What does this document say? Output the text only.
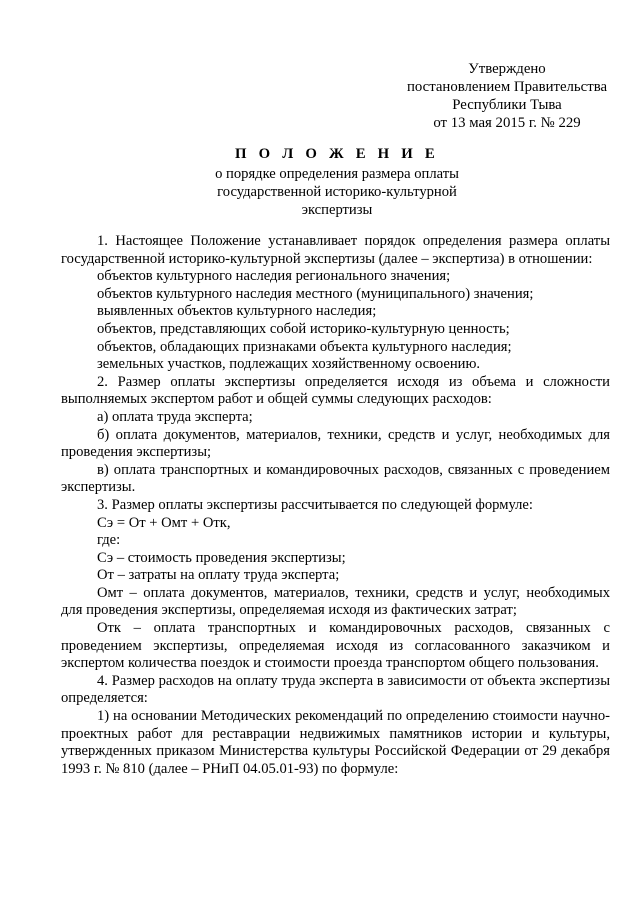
Утверждено
постановлением Правительства
Республики Тыва
от 13 мая 2015 г. № 229
П О Л О Ж Е Н И Е
о порядке определения размера оплаты
государственной историко-культурной
экспертизы

1. Настоящее Положение устанавливает порядок определения размера оплаты государственной историко-культурной экспертизы (далее – экспертиза) в отношении:

объектов культурного наследия регионального значения;

объектов культурного наследия местного (муниципального) значения;

выявленных объектов культурного наследия;

объектов, представляющих собой историко-культурную ценность;

объектов, обладающих признаками объекта культурного наследия;

земельных участков, подлежащих хозяйственному освоению.

2. Размер оплаты экспертизы определяется исходя из объема и сложности выполняемых экспертом работ и общей суммы следующих расходов:

а) оплата труда эксперта;

б) оплата документов, материалов, техники, средств и услуг, необходимых для проведения экспертизы;

в) оплата транспортных и командировочных расходов, связанных с проведением экспертизы.

3. Размер оплаты экспертизы рассчитывается по следующей формуле:

Сэ = От + Омт + Отк,

где:

Сэ – стоимость проведения экспертизы;

От – затраты на оплату труда эксперта;

Омт – оплата документов, материалов, техники, средств и услуг, необходимых для проведения экспертизы, определяемая исходя из фактических затрат;

Отк – оплата транспортных и командировочных расходов, связанных с проведением экспертизы, определяемая исходя из согласованного заказчиком и экспертом количества поездок и стоимости проезда транспортом общего пользования.

4. Размер расходов на оплату труда эксперта в зависимости от объекта экспертизы определяется:

1) на основании Методических рекомендаций по определению стоимости научно-проектных работ для реставрации недвижимых памятников истории и культуры, утвержденных приказом Министерства культуры Российской Федерации от 29 декабря 1993 г. № 810 (далее – РНиП 04.05.01-93) по формуле:
